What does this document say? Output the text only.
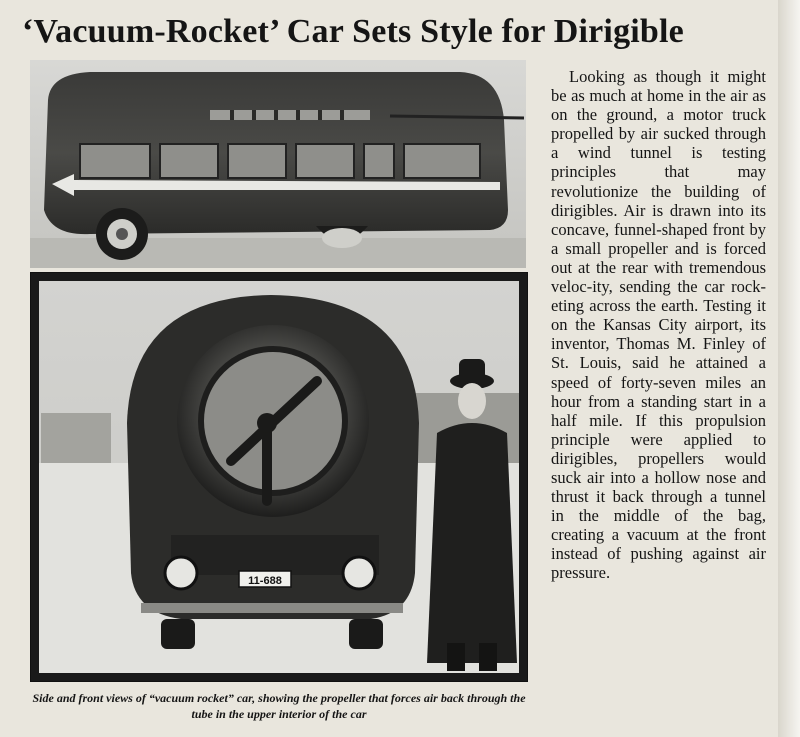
‘Vacuum-Rocket’ Car Sets Style for Dirigible
11-688
Side and front views of “vacuum rocket” car, showing the propeller that forces air back through the tube in the upper interior of the car
Looking as though it might be as much at home in the air as on the ground, a motor truck propelled by air sucked through a wind tunnel is testing principles that may revolutionize the building of dirigibles. Air is drawn into its concave, funnel-shaped front by a small propeller and is forced out at the rear with tremendous veloc-ity, sending the car rock-eting across the earth. Testing it on the Kansas City airport, its inventor, Thomas M. Finley of St. Louis, said he attained a speed of forty-seven miles an hour from a standing start in a half mile. If this propulsion principle were applied to dirigibles, propellers would suck air into a hollow nose and thrust it back through a tunnel in the middle of the bag, creating a vacuum at the front instead of pushing against air pressure.
